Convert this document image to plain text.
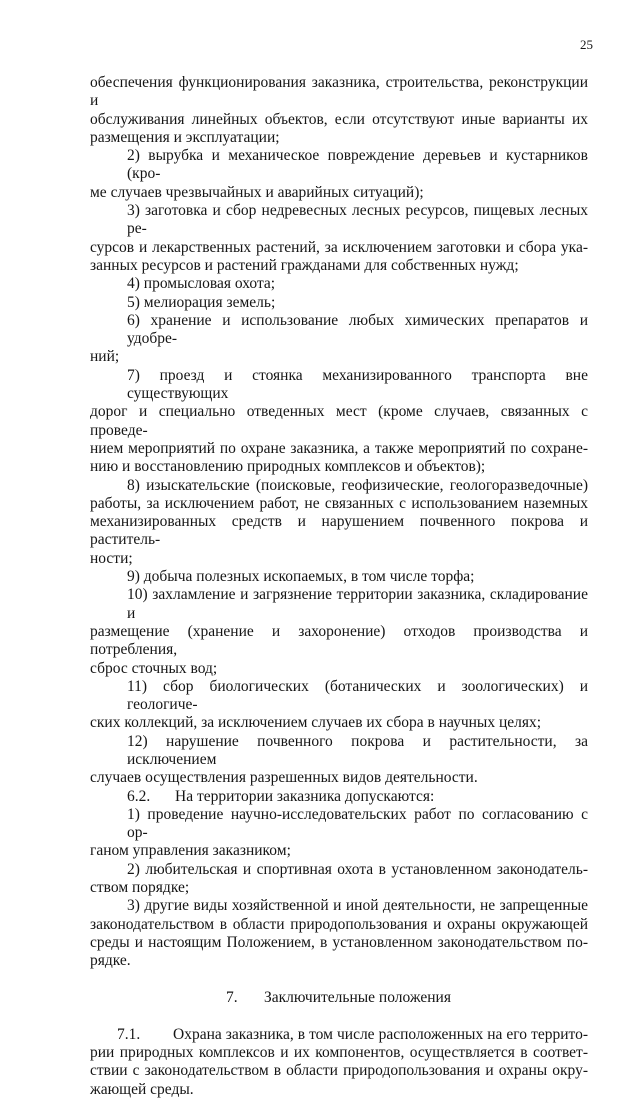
25
обеспечения функционирования заказника, строительства, реконструкции и
обслуживания линейных объектов, если отсутствуют иные варианты их
размещения и эксплуатации;
2) вырубка и механическое повреждение деревьев и кустарников (кро-
ме случаев чрезвычайных и аварийных ситуаций);
3) заготовка и сбор недревесных лесных ресурсов, пищевых лесных ре-
сурсов и лекарственных растений, за исключением заготовки и сбора ука-
занных ресурсов и растений гражданами для собственных нужд;
4) промысловая охота;
5) мелиорация земель;
6) хранение и использование любых химических препаратов и удобре-
ний;
7) проезд и стоянка механизированного транспорта вне существующих
дорог и специально отведенных мест (кроме случаев, связанных с проведе-
нием мероприятий по охране заказника, а также мероприятий по сохране-
нию и восстановлению природных комплексов и объектов);
8) изыскательские (поисковые, геофизические, геологоразведочные)
работы, за исключением работ, не связанных с использованием наземных
механизированных средств и нарушением почвенного покрова и раститель-
ности;
9) добыча полезных ископаемых, в том числе торфа;
10) захламление и загрязнение территории заказника, складирование и
размещение (хранение и захоронение) отходов производства и потребления,
сброс сточных вод;
11) сбор биологических (ботанических и зоологических) и геологиче-
ских коллекций, за исключением случаев их сбора в научных целях;
12) нарушение почвенного покрова и растительности, за исключением
случаев осуществления разрешенных видов деятельности.
6.2. На территории заказника допускаются:
1) проведение научно-исследовательских работ по согласованию с ор-
ганом управления заказником;
2) любительская и спортивная охота в установленном законодатель-
ством порядке;
3) другие виды хозяйственной и иной деятельности, не запрещенные
законодательством в области природопользования и охраны окружающей
среды и настоящим Положением, в установленном законодательством по-
рядке.
7. Заключительные положения
7.1. Охрана заказника, в том числе расположенных на его террито-
рии природных комплексов и их компонентов, осуществляется в соответ-
ствии с законодательством в области природопользования и охраны окру-
жающей среды.
